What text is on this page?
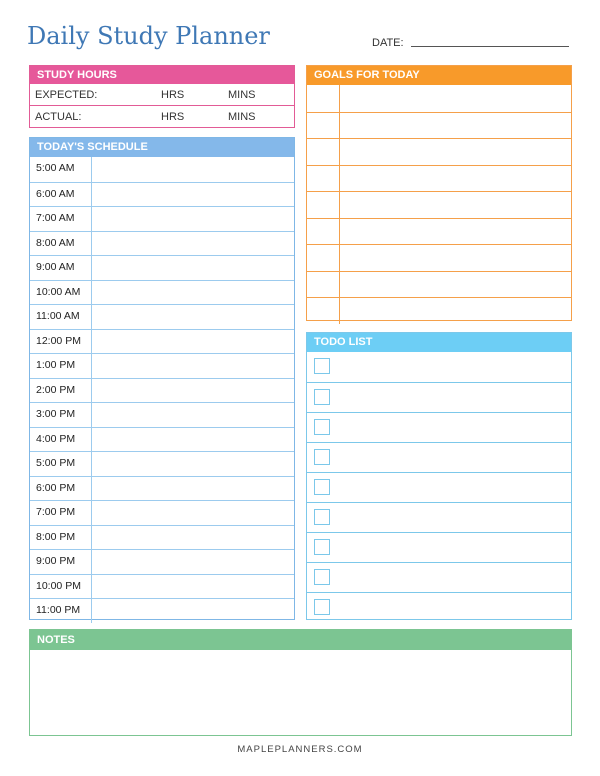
Daily Study Planner	DATE:
STUDY HOURS
EXPECTED:	HRS	MINS
ACTUAL:	HRS	MINS
TODAY'S SCHEDULE
5:00 AM
6:00 AM
7:00 AM
8:00 AM
9:00 AM
10:00 AM
11:00 AM
12:00 PM
1:00 PM
2:00 PM
3:00 PM
4:00 PM
5:00 PM
6:00 PM
7:00 PM
8:00 PM
9:00 PM
10:00 PM
11:00 PM
GOALS FOR TODAY
TODO LIST
NOTES
MAPLEPLANNERS.COM
